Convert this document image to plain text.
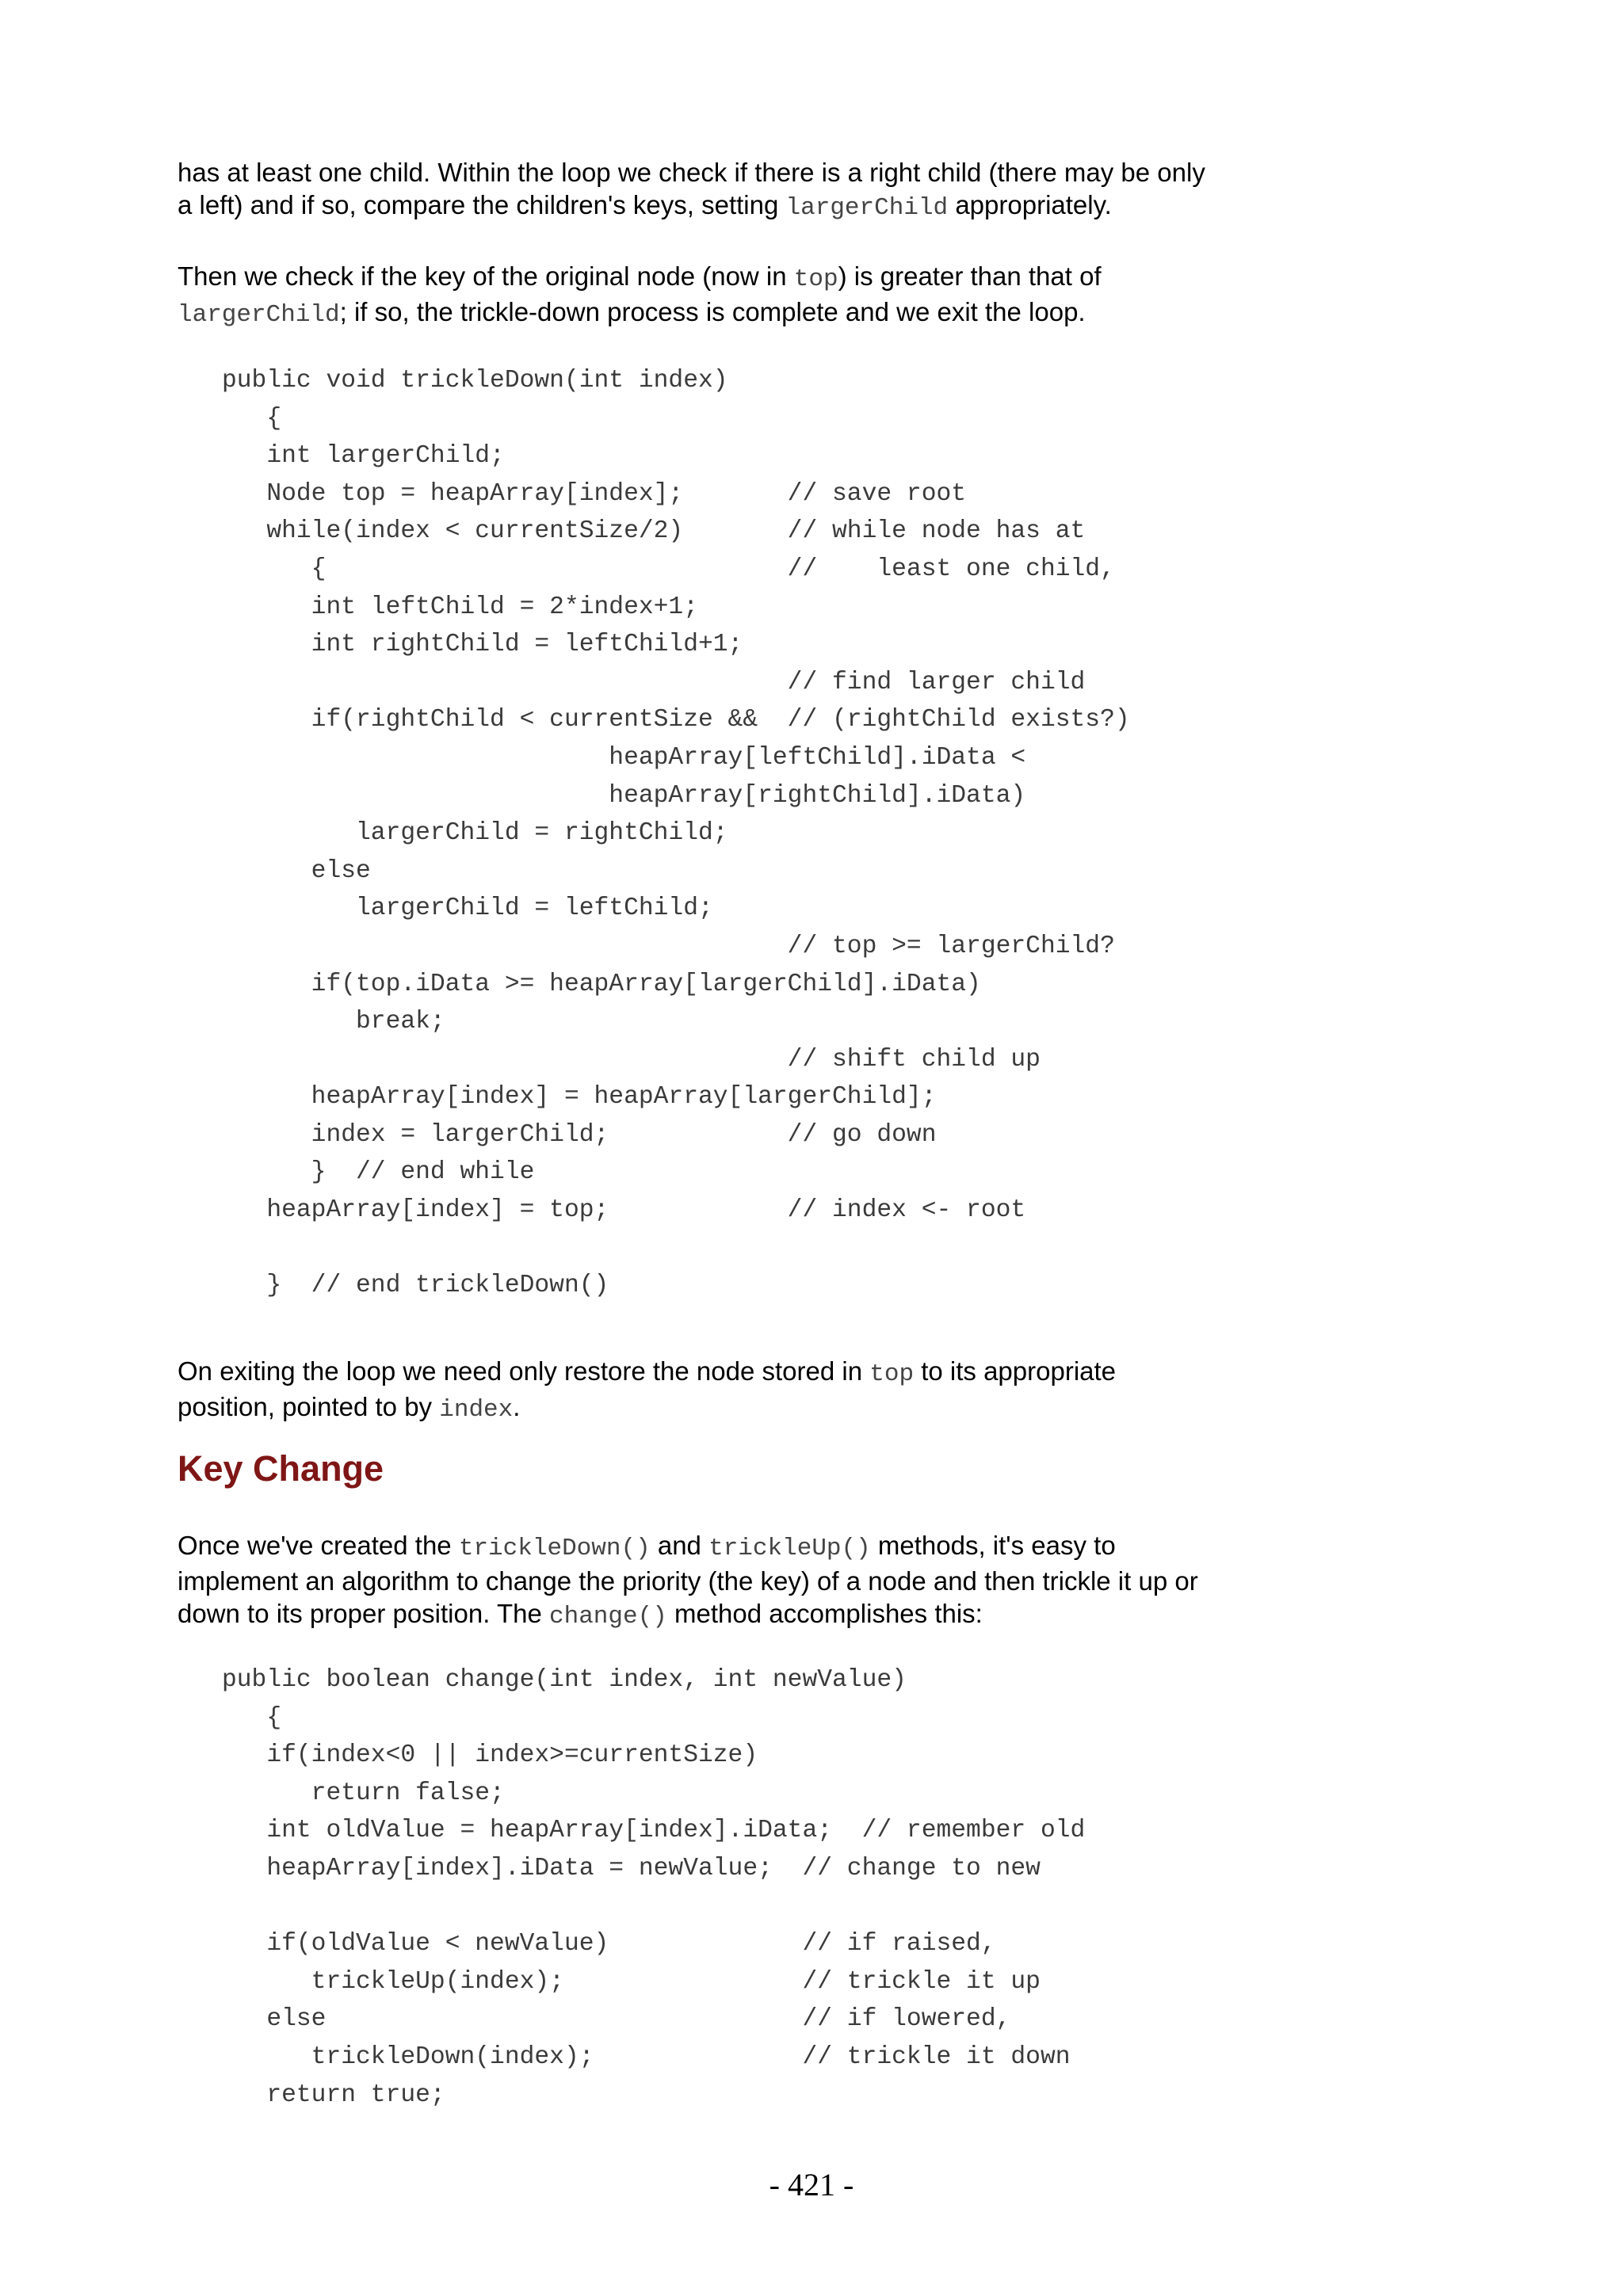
has at least one child. Within the loop we check if there is a right child (there may be only
a left) and if so, compare the children's keys, setting largerChild appropriately.

Then we check if the key of the original node (now in top) is greater than that of
largerChild; if so, the trickle-down process is complete and we exit the loop.

public void trickleDown(int index)
{
int largerChild;
Node top = heapArray[index];       // save root
while(index < currentSize/2)       // while node has at
{                               //    least one child,
int leftChild = 2*index+1;
int rightChild = leftChild+1;
// find larger child
if(rightChild < currentSize &&  // (rightChild exists?)
heapArray[leftChild].iData <
heapArray[rightChild].iData)
largerChild = rightChild;
else
largerChild = leftChild;
// top >= largerChild?
if(top.iData >= heapArray[largerChild].iData)
break;
// shift child up
heapArray[index] = heapArray[largerChild];
index = largerChild;            // go down
}  // end while
heapArray[index] = top;            // index <- root
}  // end trickleDown()

On exiting the loop we need only restore the node stored in top to its appropriate
position, pointed to by index.

Key Change

Once we've created the trickleDown() and trickleUp() methods, it's easy to
implement an algorithm to change the priority (the key) of a node and then trickle it up or
down to its proper position. The change() method accomplishes this:

public boolean change(int index, int newValue)
{
if(index<0 || index>=currentSize)
return false;
int oldValue = heapArray[index].iData;  // remember old
heapArray[index].iData = newValue;  // change to new
if(oldValue < newValue)             // if raised,
trickleUp(index);                // trickle it up
else                                // if lowered,
trickleDown(index);              // trickle it down
return true;
- 421 -
